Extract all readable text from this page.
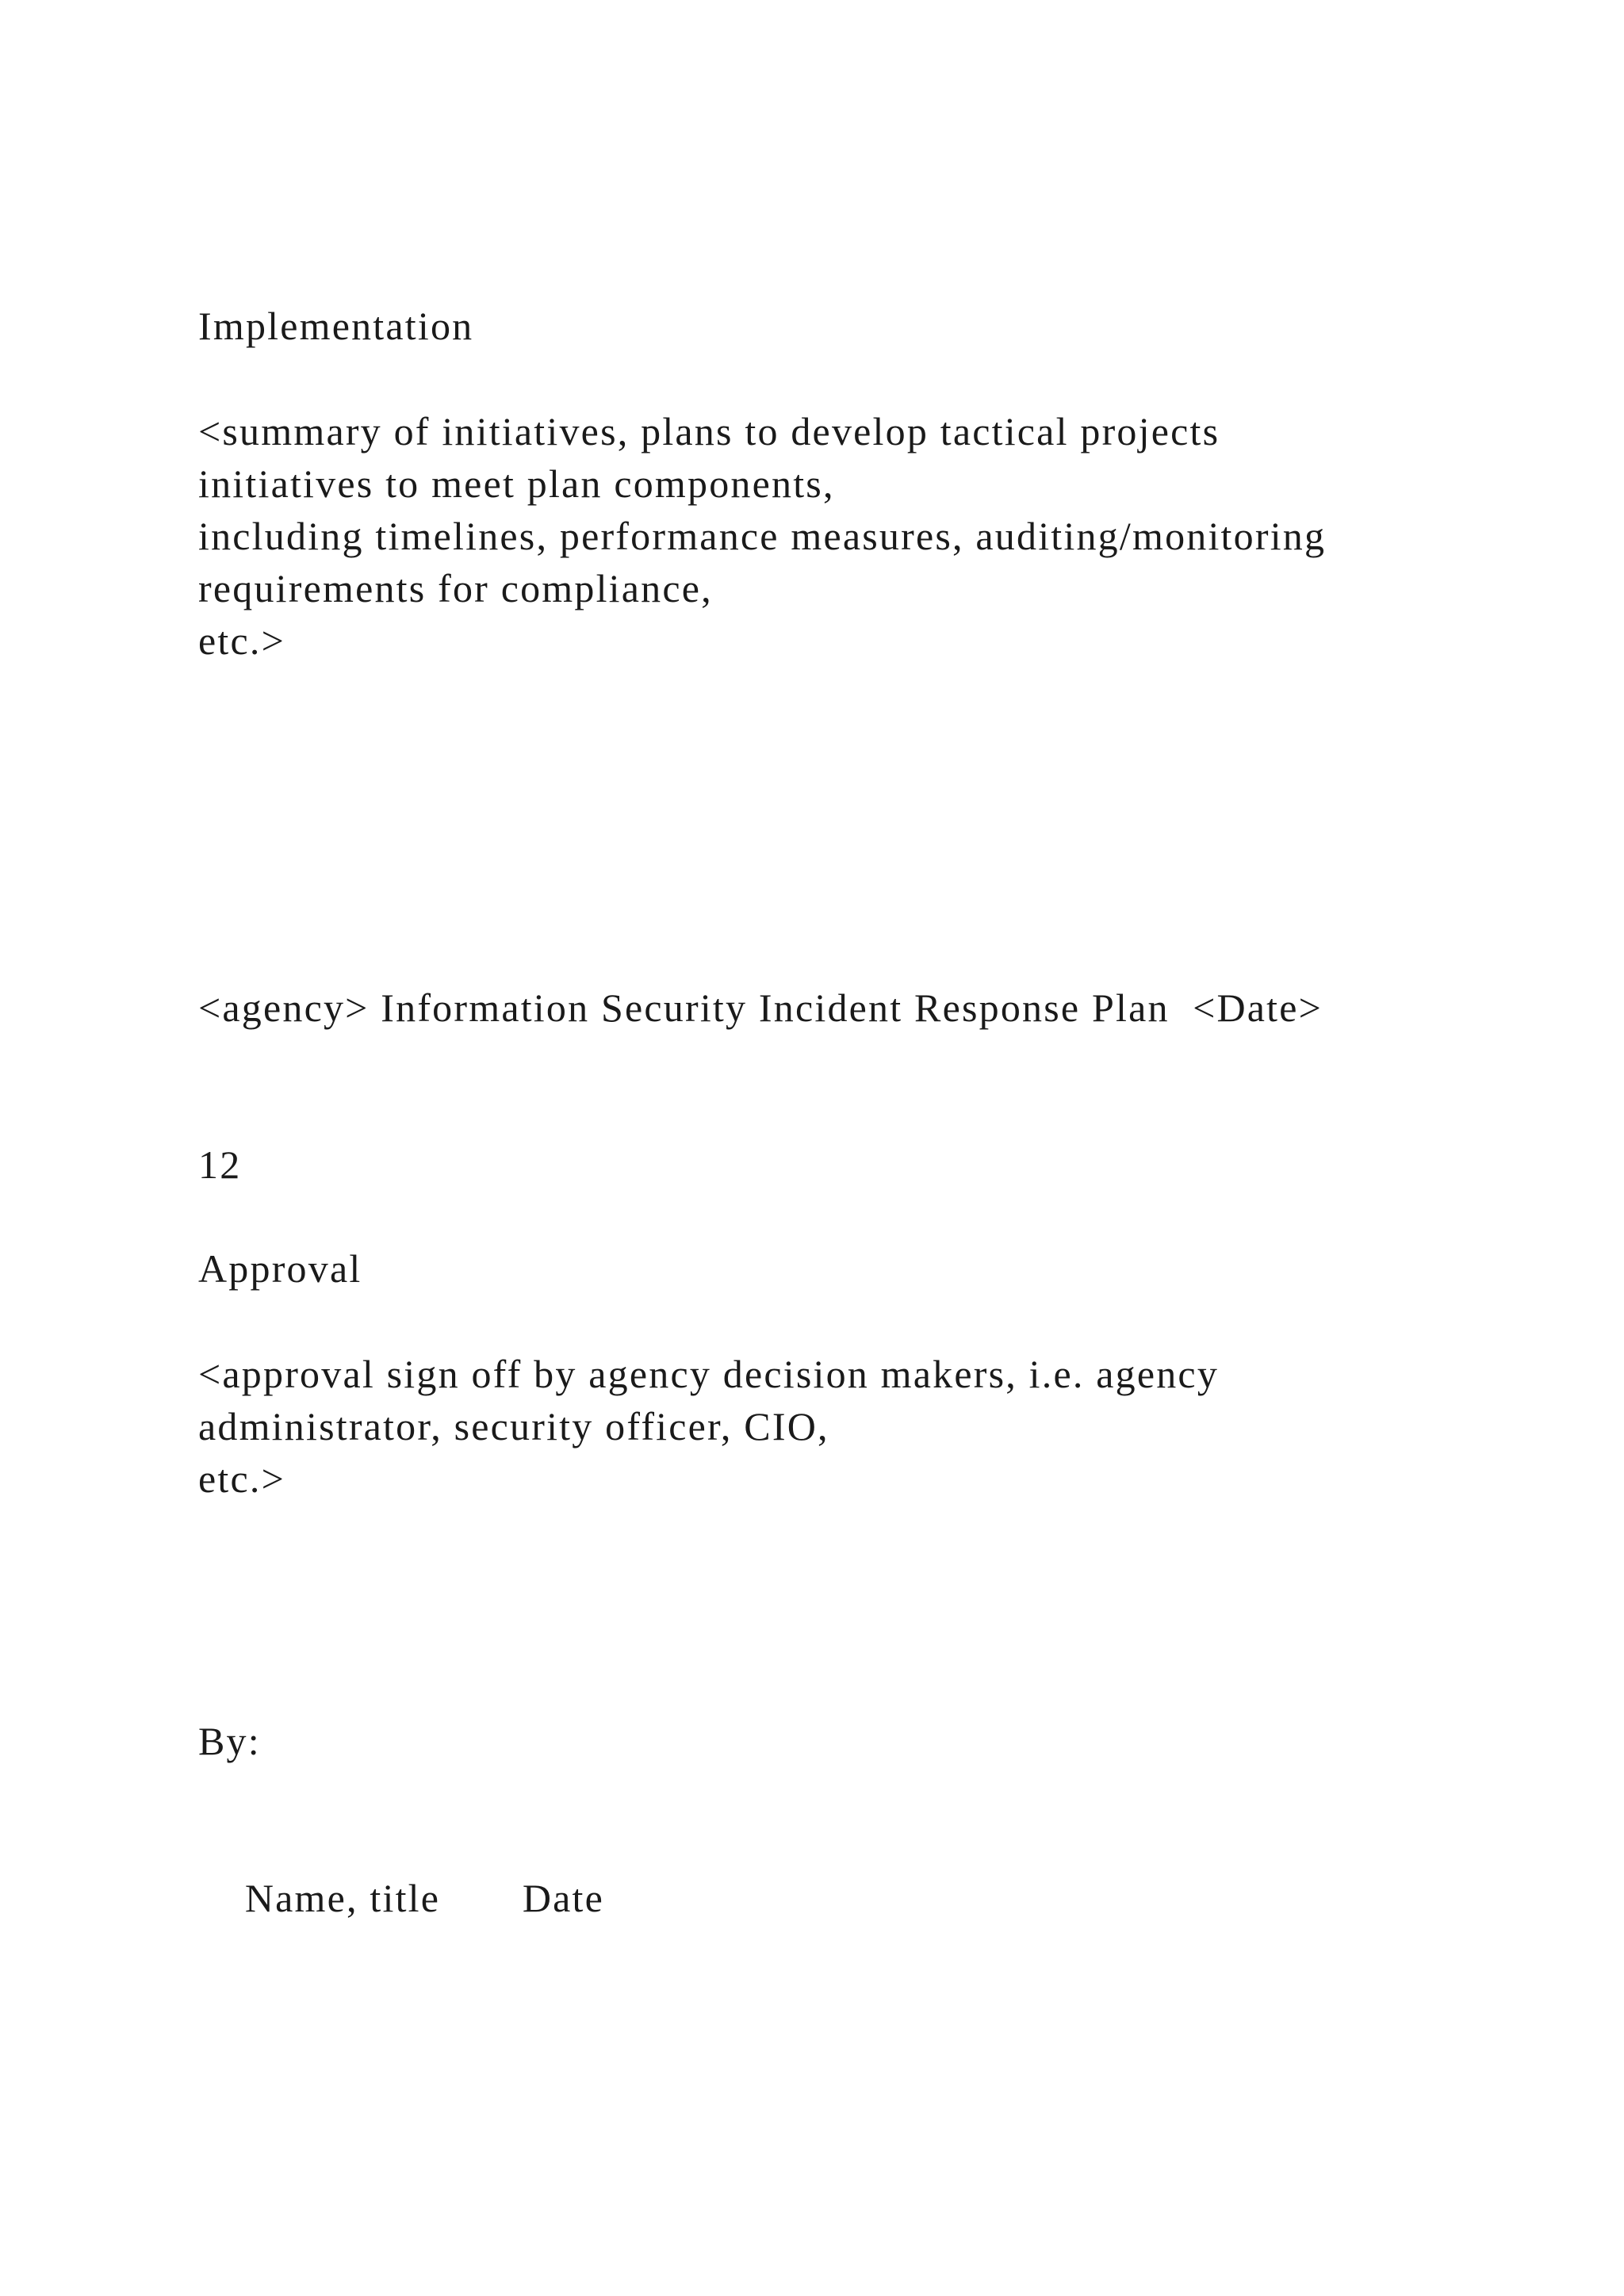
Implementation
<summary of initiatives, plans to develop tactical projects
initiatives to meet plan components,
including timelines, performance measures, auditing/monitoring
requirements for compliance,
etc.>
<agency> Information Security Incident Response Plan  <Date>
12
Approval
<approval sign off by agency decision makers, i.e. agency
administrator, security officer, CIO,
etc.>
By:

Name, title Date
